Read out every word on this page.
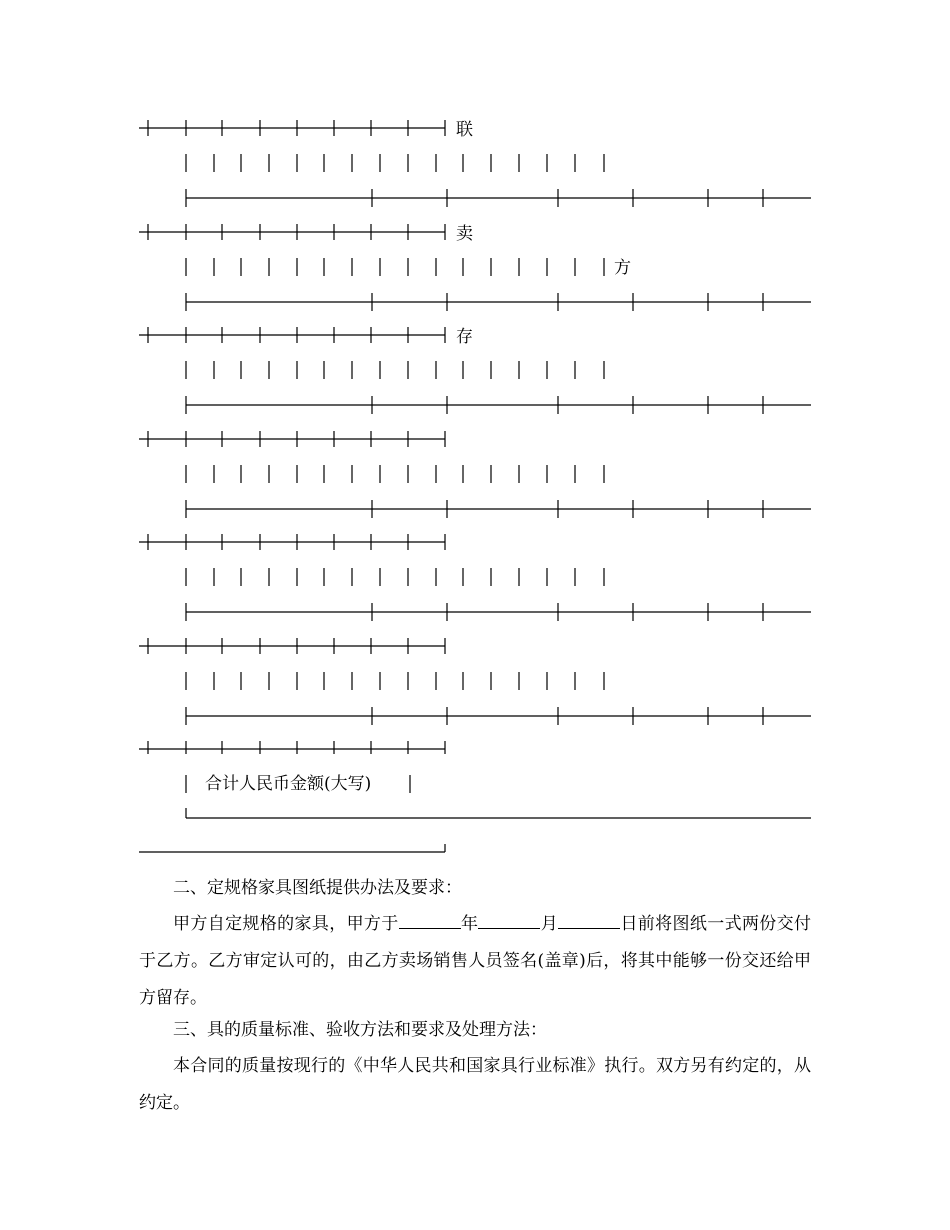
联
卖
方
存
合计人民币金额(大写)
二、定规格家具图纸提供办法及要求：
甲方自定规格的家具，甲方于	年	月	日前将图纸一式两份交付于乙方。乙方审定认可的，由乙方卖场销售人员签名(盖章)后，将其中能够一份交还给甲方留存。
三、具的质量标准、验收方法和要求及处理方法：
本合同的质量按现行的《中华人民共和国家具行业标准》执行。双方另有约定的，从约定。
